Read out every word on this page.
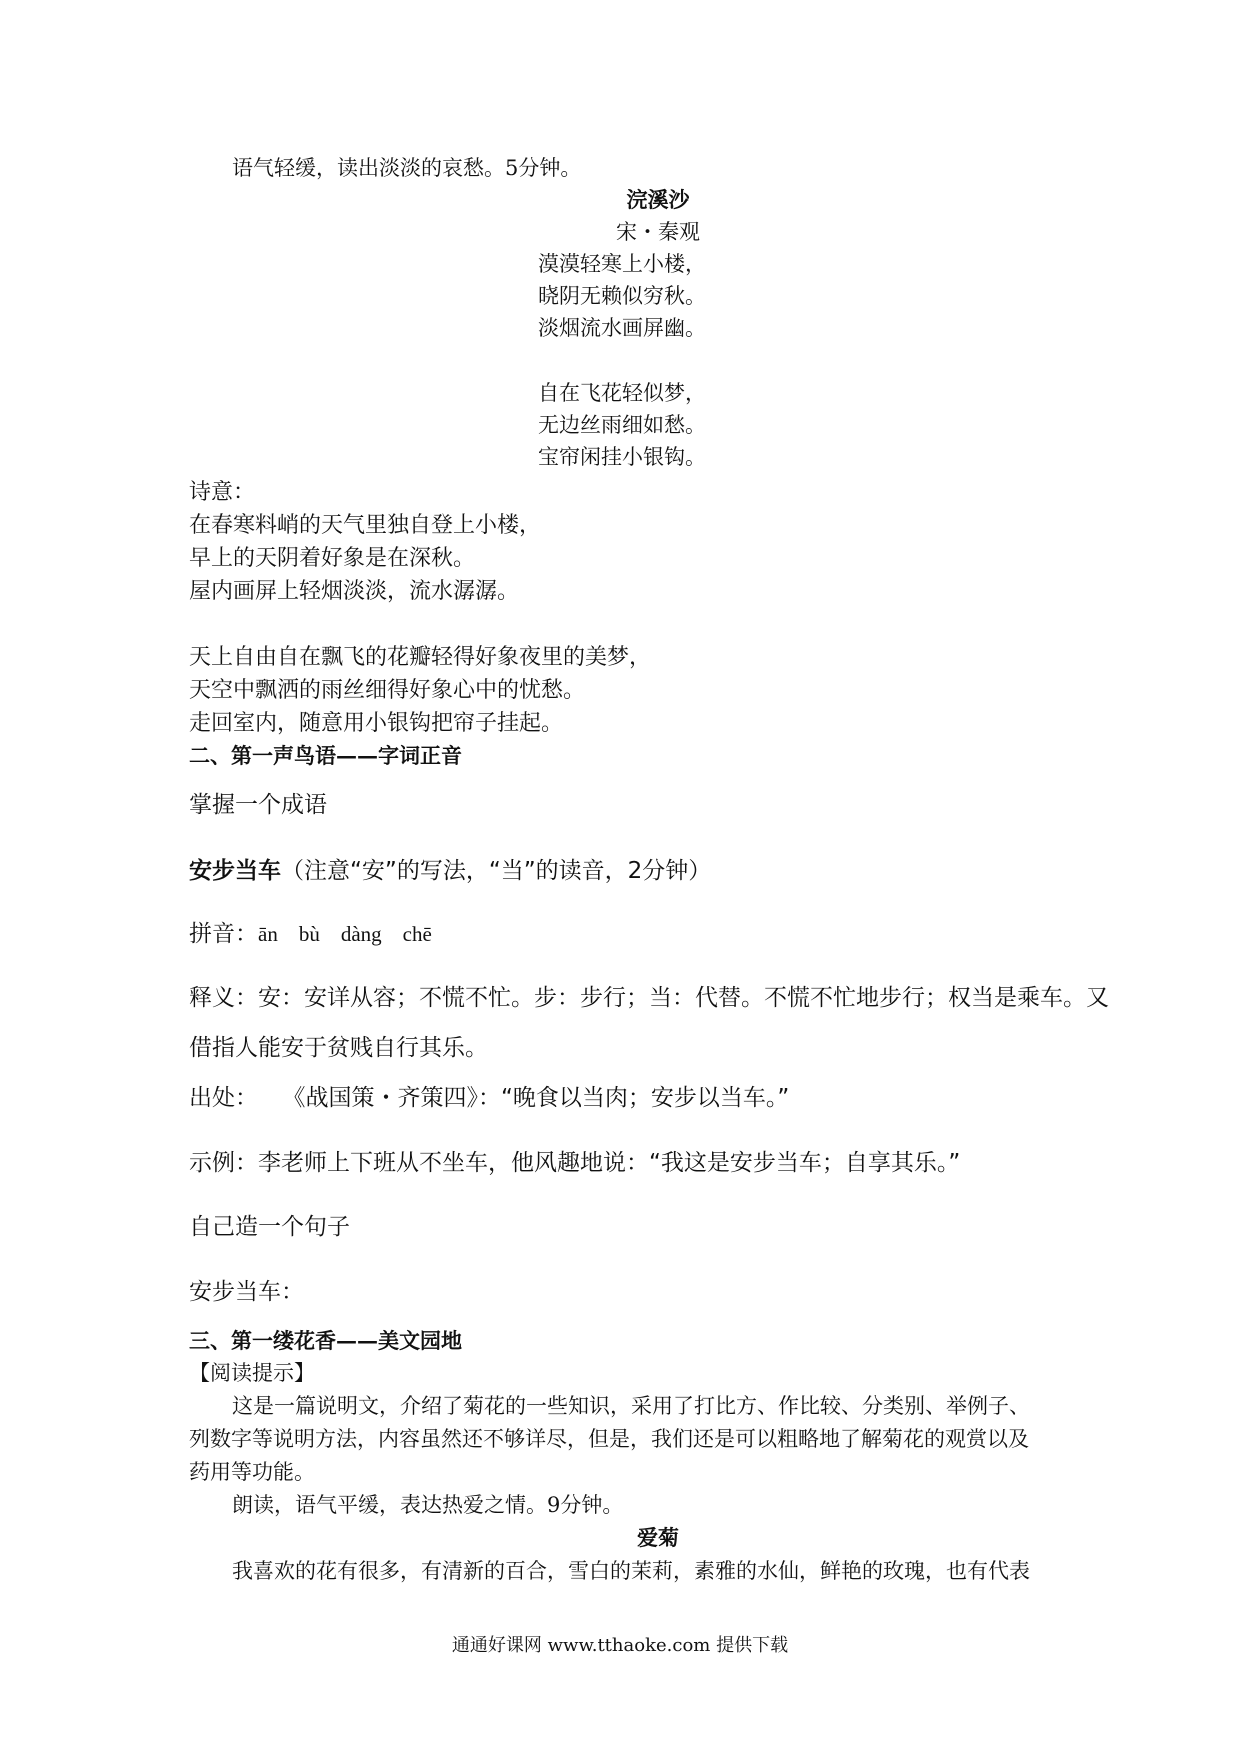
语气轻缓，读出淡淡的哀愁。5分钟。
浣溪沙
宋・秦观
漠漠轻寒上小楼，
晓阴无赖似穷秋。
淡烟流水画屏幽。
自在飞花轻似梦，
无边丝雨细如愁。
宝帘闲挂小银钩。
诗意：
在春寒料峭的天气里独自登上小楼，
早上的天阴着好象是在深秋。
屋内画屏上轻烟淡淡，流水潺潺。
天上自由自在飘飞的花瓣轻得好象夜里的美梦，
天空中飘洒的雨丝细得好象心中的忧愁。
走回室内，随意用小银钩把帘子挂起。
二、第一声鸟语——字词正音
掌握一个成语
安步当车（注意“安”的写法，“当”的读音，2分钟）
拼音：ān　bù　dàng　chē
释义：安：安详从容；不慌不忙。步：步行；当：代替。不慌不忙地步行；权当是乘车。又
借指人能安于贫贱自行其乐。
出处： 《战国策・齐策四》：“晚食以当肉；安步以当车。”
示例：李老师上下班从不坐车，他风趣地说：“我这是安步当车；自享其乐。”
自己造一个句子
安步当车：
三、第一缕花香——美文园地
【阅读提示】
这是一篇说明文，介绍了菊花的一些知识，采用了打比方、作比较、分类别、举例子、
列数字等说明方法，内容虽然还不够详尽，但是，我们还是可以粗略地了解菊花的观赏以及
药用等功能。
朗读，语气平缓，表达热爱之情。9分钟。
爱菊
我喜欢的花有很多，有清新的百合，雪白的茉莉，素雅的水仙，鲜艳的玫瑰，也有代表
通通好课网 www.tthaoke.com 提供下载
